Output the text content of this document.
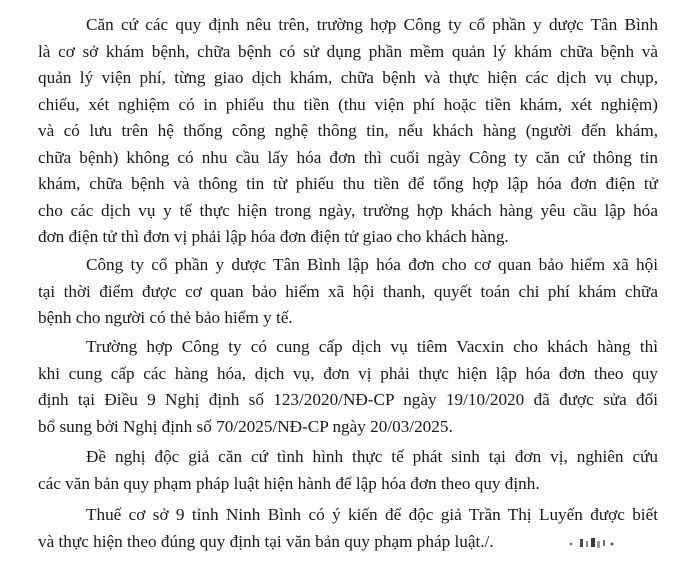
Căn cứ các quy định nêu trên, trường hợp Công ty cổ phần y dược Tân Bình
là cơ sở khám bệnh, chữa bệnh có sử dụng phần mềm quản lý khám chữa bệnh và
quản lý viện phí, từng giao dịch khám, chữa bệnh và thực hiện các dịch vụ chụp,
chiếu, xét nghiệm có in phiếu thu tiền (thu viện phí hoặc tiền khám, xét nghiệm)
và có lưu trên hệ thống công nghệ thông tin, nếu khách hàng (người đến khám,
chữa bệnh) không có nhu cầu lấy hóa đơn thì cuối ngày Công ty căn cứ thông tin
khám, chữa bệnh và thông tin từ phiếu thu tiền để tổng hợp lập hóa đơn điện tử
cho các dịch vụ y tế thực hiện trong ngày, trường hợp khách hàng yêu cầu lập hóa
đơn điện tử thì đơn vị phải lập hóa đơn điện tử giao cho khách hàng.
Công ty cổ phần y dược Tân Bình lập hóa đơn cho cơ quan bảo hiểm xã hội
tại thời điểm được cơ quan bảo hiểm xã hội thanh, quyết toán chi phí khám chữa
bệnh cho người có thẻ bảo hiểm y tế.
Trường hợp Công ty có cung cấp dịch vụ tiêm Vacxin cho khách hàng thì
khi cung cấp các hàng hóa, dịch vụ, đơn vị phải thực hiện lập hóa đơn theo quy
định tại Điều 9 Nghị định số 123/2020/NĐ-CP ngày 19/10/2020 đã được sửa đổi
bổ sung bởi Nghị định số 70/2025/NĐ-CP ngày 20/03/2025.
Đề nghị độc giả căn cứ tình hình thực tế phát sinh tại đơn vị, nghiên cứu
các văn bản quy phạm pháp luật hiện hành để lập hóa đơn theo quy định.
Thuế cơ sở 9 tỉnh Ninh Bình có ý kiến để độc giả Trần Thị Luyến được biết
và thực hiện theo đúng quy định tại văn bản quy phạm pháp luật./.
